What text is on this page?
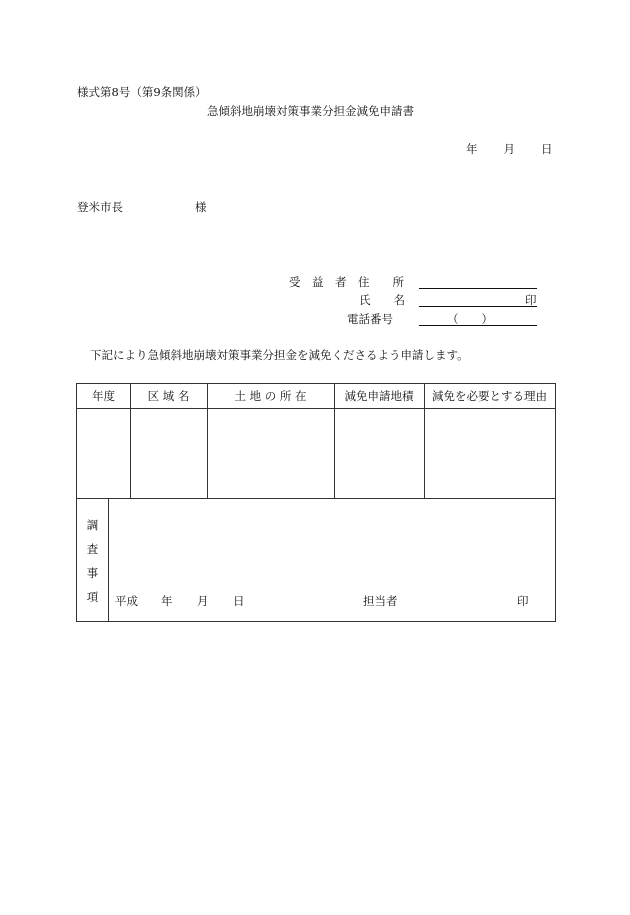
様式第8号（第9条関係）
急傾斜地崩壊対策事業分担金減免申請書
年 月 日
登米市長	様
受　益　者　住　　所
氏　　名	印
電話番号	（　　）
下記により急傾斜地崩壊対策事業分担金を減免くださるよう申請します。
年度	区 域 名	土 地 の 所 在	減免申請地積	減免を必要とする理由
調
査
事
項	平成 年 月 日	担当者	印
